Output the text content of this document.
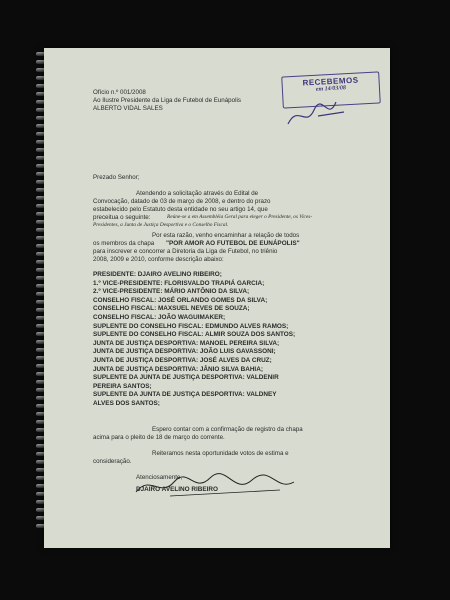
Ofício n.º 001/2008
Ao Ilustre Presidente da Liga de Futebol de Eunápolis
ALBERTO VIDAL SALES
RECEBEMOS
em 14/03/08
Prezado Senhor;
Atendendo a solicitação através do Edital de
Convocação, datado de 03 de março de 2008, e dentro do prazo
estabelecido pelo Estatuto desta entidade no seu artigo 14, que
preceitua o seguinte:	Reúne-se a em Assembléia Geral para eleger o Presidente, os Vices-
Presidentes, a Junta de Justiça Desportiva e o Conselho Fiscal.
Por esta razão, venho encaminhar a relação de todos
os membros da chapa "POR AMOR AO FUTEBOL DE EUNÁPOLIS"
para inscrever e concorrer a Diretoria da Liga de Futebol, no triênio
2008, 2009 e 2010, conforme descrição abaixo:
PRESIDENTE: DJAIRO AVELINO RIBEIRO;
1.º VICE-PRESIDENTE: FLORISVALDO TRAPIÁ GARCIA;
2.º VICE-PRESIDENTE: MÁRIO ANTÔNIO DA SILVA;
CONSELHO FISCAL: JOSÉ ORLANDO GOMES DA SILVA;
CONSELHO FISCAL: MAXSUEL NEVES DE SOUZA;
CONSELHO FISCAL: JOÃO WAGUIMAKER;
SUPLENTE DO CONSELHO FISCAL: EDMUNDO ALVES RAMOS;
SUPLENTE DO CONSELHO FISCAL: ALMIR SOUZA DOS SANTOS;
JUNTA DE JUSTIÇA DESPORTIVA: MANOEL PEREIRA SILVA;
JUNTA DE JUSTIÇA DESPORTIVA: JOÃO LUIS GAVASSONI;
JUNTA DE JUSTIÇA DESPORTIVA: JOSÉ ALVES DA CRUZ;
JUNTA DE JUSTIÇA DESPORTIVA: JÂNIO SILVA BAHIA;
SUPLENTE DA JUNTA DE JUSTIÇA DESPORTIVA: VALDENIR
PEREIRA SANTOS;
SUPLENTE DA JUNTA DE JUSTIÇA DESPORTIVA: VALDNEY
ALVES DOS SANTOS;
Espero contar com a confirmação de registro da chapa
acima para o pleito de 18 de março do corrente.
Reiteramos nesta oportunidade votos de estima e
consideração.
Atenciosamente,
DJAIRO AVELINO RIBEIRO
